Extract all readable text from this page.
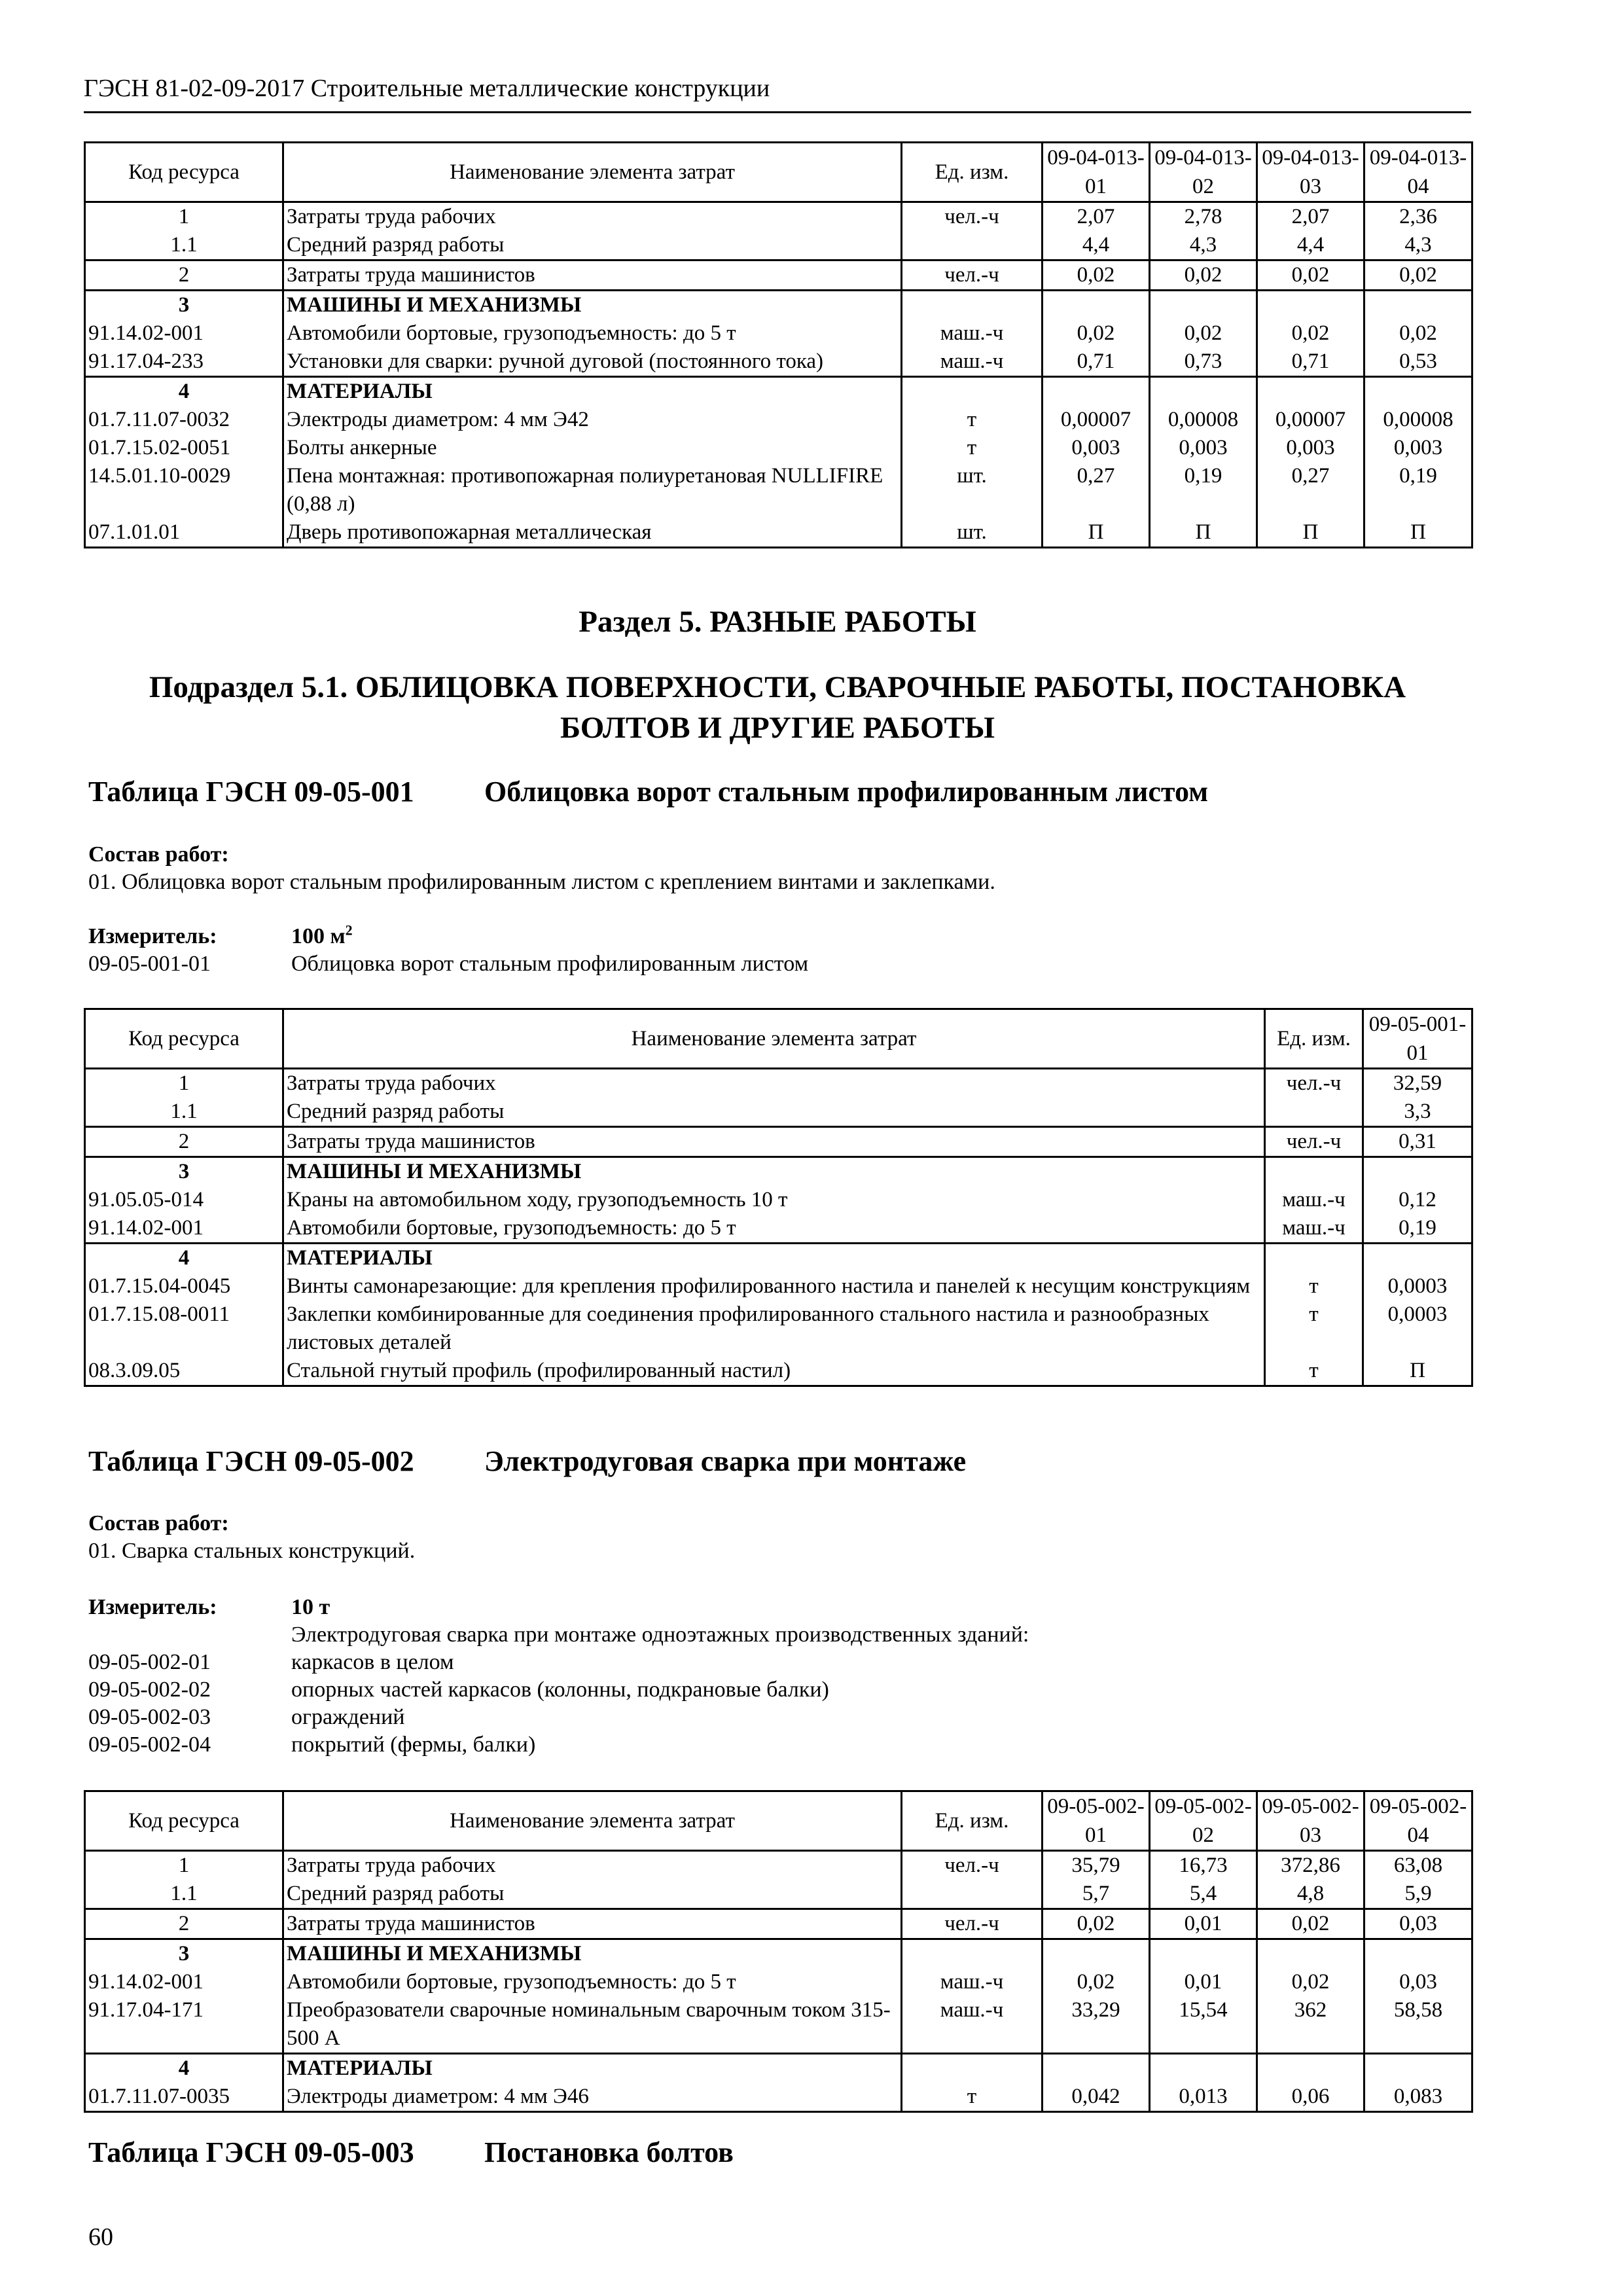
ГЭСН 81-02-09-2017 Строительные металлические конструкции
Код ресурса	Наименование элемента затрат	Ед. изм.	09-04-013-01	09-04-013-02	09-04-013-03	09-04-013-04
1	Затраты труда рабочих	чел.-ч	2,07	2,78	2,07	2,36
1.1	Средний разряд работы		4,4	4,3	4,4	4,3
2	Затраты труда машинистов	чел.-ч	0,02	0,02	0,02	0,02
3	МАШИНЫ И МЕХАНИЗМЫ					
91.14.02-001	Автомобили бортовые, грузоподъемность: до 5 т	маш.-ч	0,02	0,02	0,02	0,02
91.17.04-233	Установки для сварки: ручной дуговой (постоянного тока)	маш.-ч	0,71	0,73	0,71	0,53
4	МАТЕРИАЛЫ					
01.7.11.07-0032	Электроды диаметром: 4 мм Э42	т	0,00007	0,00008	0,00007	0,00008
01.7.15.02-0051	Болты анкерные	т	0,003	0,003	0,003	0,003
14.5.01.10-0029	Пена монтажная: противопожарная полиуретановая NULLIFIRE (0,88 л)	шт.	0,27	0,19	0,27	0,19
07.1.01.01	Дверь противопожарная металлическая	шт.	П	П	П	П
Раздел 5. РАЗНЫЕ РАБОТЫ
Подраздел 5.1. ОБЛИЦОВКА ПОВЕРХНОСТИ, СВАРОЧНЫЕ РАБОТЫ, ПОСТАНОВКА
БОЛТОВ И ДРУГИЕ РАБОТЫ
Таблица ГЭСН 09-05-001 Облицовка ворот стальным профилированным листом
Состав работ:
01. Облицовка ворот стальным профилированным листом с креплением винтами и заклепками.
Измеритель:	100 $м^2$
09-05-001-01	Облицовка ворот стальным профилированным листом
Код ресурса	Наименование элемента затрат	Ед. изм.	09-05-001-01
1	Затраты труда рабочих	чел.-ч	32,59
1.1	Средний разряд работы		3,3
2	Затраты труда машинистов	чел.-ч	0,31
3	МАШИНЫ И МЕХАНИЗМЫ		
91.05.05-014	Краны на автомобильном ходу, грузоподъемность 10 т	маш.-ч	0,12
91.14.02-001	Автомобили бортовые, грузоподъемность: до 5 т	маш.-ч	0,19
4	МАТЕРИАЛЫ		
01.7.15.04-0045	Винты самонарезающие: для крепления профилированного настила и панелей к несущим конструкциям	т	0,0003
01.7.15.08-0011	Заклепки комбинированные для соединения профилированного стального настила и разнообразных листовых деталей	т	0,0003
08.3.09.05	Стальной гнутый профиль (профилированный настил)	т	П
Таблица ГЭСН 09-05-002 Электродуговая сварка при монтаже
Состав работ:
01. Сварка стальных конструкций.
Измеритель:	10 т
Электродуговая сварка при монтаже одноэтажных производственных зданий:
09-05-002-01	каркасов в целом
09-05-002-02	опорных частей каркасов (колонны, подкрановые балки)
09-05-002-03	ограждений
09-05-002-04	покрытий (фермы, балки)
Код ресурса	Наименование элемента затрат	Ед. изм.	09-05-002-01	09-05-002-02	09-05-002-03	09-05-002-04
1	Затраты труда рабочих	чел.-ч	35,79	16,73	372,86	63,08
1.1	Средний разряд работы		5,7	5,4	4,8	5,9
2	Затраты труда машинистов	чел.-ч	0,02	0,01	0,02	0,03
3	МАШИНЫ И МЕХАНИЗМЫ					
91.14.02-001	Автомобили бортовые, грузоподъемность: до 5 т	маш.-ч	0,02	0,01	0,02	0,03
91.17.04-171	Преобразователи сварочные номинальным сварочным током 315-500 А	маш.-ч	33,29	15,54	362	58,58
4	МАТЕРИАЛЫ					
01.7.11.07-0035	Электроды диаметром: 4 мм Э46	т	0,042	0,013	0,06	0,083
Таблица ГЭСН 09-05-003 Постановка болтов
60
